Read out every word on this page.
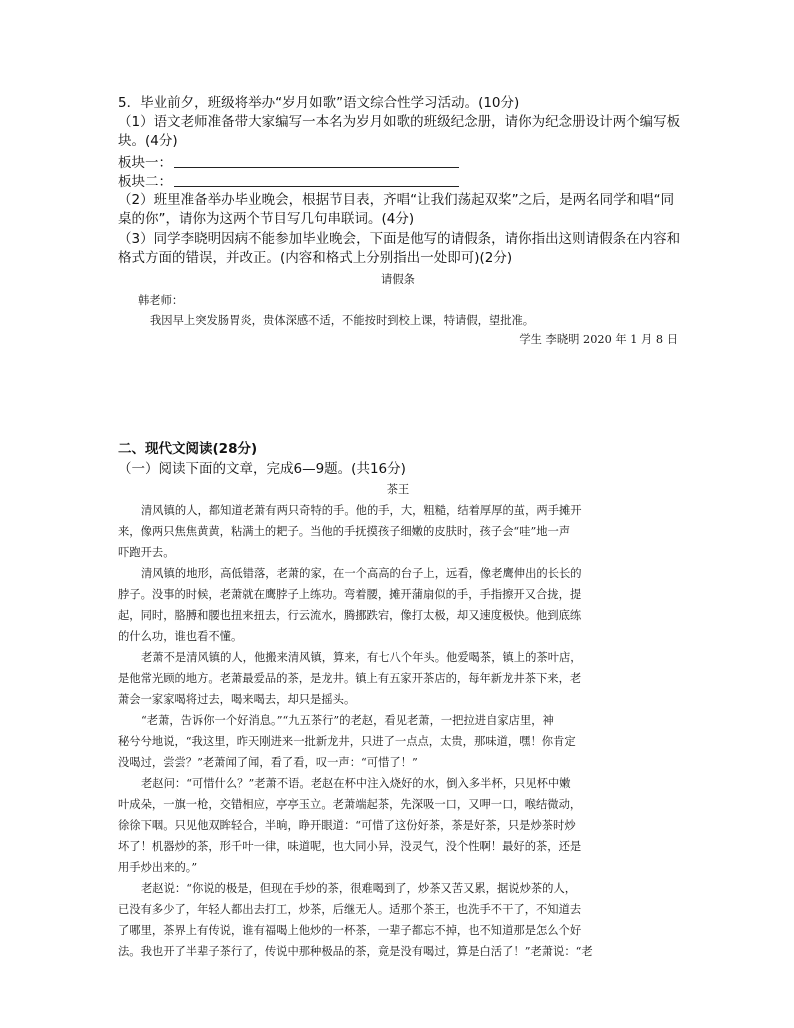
5．毕业前夕，班级将举办“岁月如歌”语文综合性学习活动。(10分)
（1）语文老师准备带大家编写一本名为岁月如歌的班级纪念册，请你为纪念册设计两个编写板
块。(4分)
板块一：
板块二：
（2）班里准备举办毕业晚会，根据节目表，齐唱“让我们荡起双桨”之后，是两名同学和唱“同
桌的你”，请你为这两个节目写几句串联词。(4分)
（3）同学李晓明因病不能参加毕业晚会，下面是他写的请假条，请你指出这则请假条在内容和
格式方面的错误，并改正。(内容和格式上分别指出一处即可)(2分)
请假条
韩老师：
我因早上突发肠胃炎，贵体深感不适，不能按时到校上课，特请假，望批准。
学生 李晓明 2020 年 1 月 8 日
二、现代文阅读(28分)
（一）阅读下面的文章，完成6—9题。(共16分)
茶王
清风镇的人，都知道老萧有两只奇特的手。他的手，大，粗糙，结着厚厚的茧，两手摊开
来，像两只焦焦黄黄，粘满土的耙子。当他的手抚摸孩子细嫩的皮肤时，孩子会“哇”地一声
吓跑开去。
清风镇的地形，高低错落，老萧的家，在一个高高的台子上，远看，像老鹰伸出的长长的
脖子。没事的时候，老萧就在鹰脖子上练功。弯着腰，摊开蒲扇似的手，手指擦开又合拢，提
起，同时，胳膊和腰也扭来扭去，行云流水，腾挪跌宕，像打太极，却又速度极快。他到底练
的什么功，谁也看不懂。
老萧不是清风镇的人，他搬来清风镇，算来，有七八个年头。他爱喝茶，镇上的茶叶店，
是他常光顾的地方。老萧最爱品的茶，是龙井。镇上有五家开茶店的，每年新龙井茶下来，老
萧会一家家喝将过去，喝来喝去，却只是摇头。
“老萧，告诉你一个好消息。”“九五茶行”的老赵，看见老萧，一把拉进自家店里，神
秘兮兮地说，“我这里，昨天刚进来一批新龙井，只进了一点点，太贵，那味道，嘿！你肯定
没喝过，尝尝？”老萧闻了闻，看了看，叹一声：“可惜了！”
老赵问：“可惜什么？”老萧不语。老赵在杯中注入烧好的水，倒入多半杯，只见杯中嫩
叶成朵，一旗一枪，交错相应，亭亭玉立。老萧端起茶，先深吸一口，又呷一口，喉结微动，
徐徐下咽。只见他双眸轻合，半晌，睁开眼道：“可惜了这份好茶，茶是好茶，只是炒茶时炒
坏了！机器炒的茶，形千叶一律，味道呢，也大同小异，没灵气，没个性啊！最好的茶，还是
用手炒出来的。”
老赵说：“你说的极是，但现在手炒的茶，很难喝到了，炒茶又苦又累，据说炒茶的人，
已没有多少了，年轻人都出去打工，炒茶，后继无人。适那个茶王，也洗手不干了，不知道去
了哪里，茶界上有传说，谁有福喝上他炒的一杯茶，一辈子都忘不掉，也不知道那是怎么个好
法。我也开了半辈子茶行了，传说中那种极品的茶，竟是没有喝过，算是白活了！”老萧说：“老
